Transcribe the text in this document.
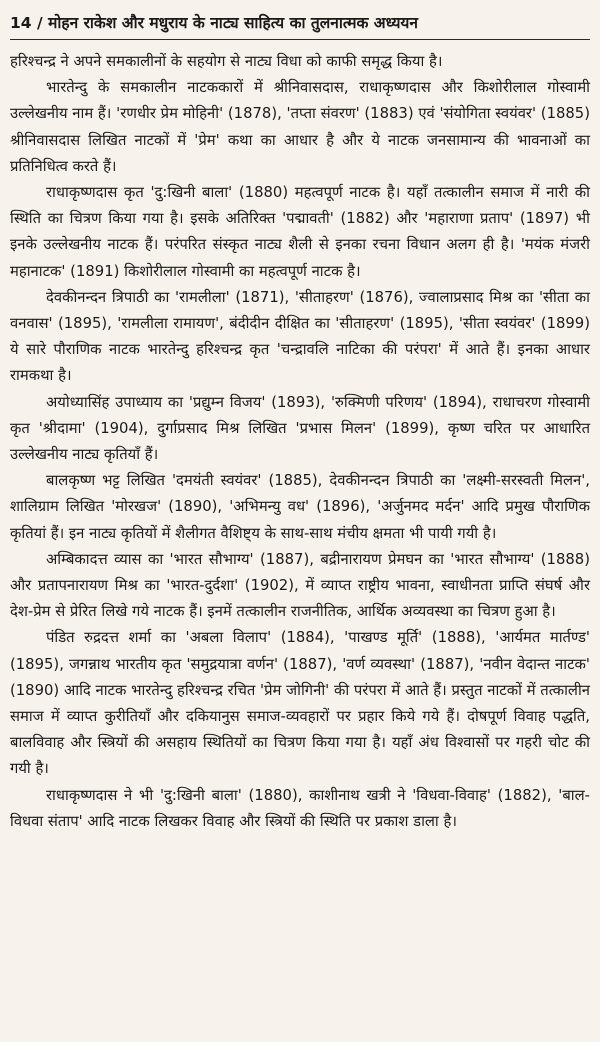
14 / मोहन राकेश और मधुराय के नाट्य साहित्य का तुलनात्मक अध्ययन

हरिश्चन्द्र ने अपने समकालीनों के सहयोग से नाट्य विधा को काफी समृद्ध किया है।

भारतेन्दु के समकालीन नाटककारों में श्रीनिवासदास, राधाकृष्णदास और किशोरीलाल गोस्वामी उल्लेखनीय नाम हैं। 'रणधीर प्रेम मोहिनी' (1878), 'तप्ता संवरण' (1883) एवं 'संयोगिता स्वयंवर' (1885) श्रीनिवासदास लिखित नाटकों में 'प्रेम' कथा का आधार है और ये नाटक जनसामान्य की भावनाओं का प्रतिनिधित्व करते हैं।

राधाकृष्णदास कृत 'दु:खिनी बाला' (1880) महत्वपूर्ण नाटक है। यहाँ तत्कालीन समाज में नारी की स्थिति का चित्रण किया गया है। इसके अतिरिक्त 'पद्मावती' (1882) और 'महाराणा प्रताप' (1897) भी इनके उल्लेखनीय नाटक हैं। परंपरित संस्कृत नाट्य शैली से इनका रचना विधान अलग ही है। 'मयंक मंजरी महानाटक' (1891) किशोरीलाल गोस्वामी का महत्वपूर्ण नाटक है।

देवकीनन्दन त्रिपाठी का 'रामलीला' (1871), 'सीताहरण' (1876), ज्वालाप्रसाद मिश्र का 'सीता का वनवास' (1895), 'रामलीला रामायण', बंदीदीन दीक्षित का 'सीताहरण' (1895), 'सीता स्वयंवर' (1899) ये सारे पौराणिक नाटक भारतेन्दु हरिश्चन्द्र कृत 'चन्द्रावलि नाटिका की परंपरा' में आते हैं। इनका आधार रामकथा है।

अयोध्यासिंह उपाध्याय का 'प्रद्युम्न विजय' (1893), 'रुक्मिणी परिणय' (1894), राधाचरण गोस्वामी कृत 'श्रीदामा' (1904), दुर्गाप्रसाद मिश्र लिखित 'प्रभास मिलन' (1899), कृष्ण चरित पर आधारित उल्लेखनीय नाट्य कृतियाँ हैं।

बालकृष्ण भट्ट लिखित 'दमयंती स्वयंवर' (1885), देवकीनन्दन त्रिपाठी का 'लक्ष्मी-सरस्वती मिलन', शालिग्राम लिखित 'मोरखज' (1890), 'अभिमन्यु वध' (1896), 'अर्जुनमद मर्दन' आदि प्रमुख पौराणिक कृतियां हैं। इन नाट्य कृतियों में शैलीगत वैशिष्ट्य के साथ-साथ मंचीय क्षमता भी पायी गयी है।

अम्बिकादत्त व्यास का 'भारत सौभाग्य' (1887), बद्रीनारायण प्रेमघन का 'भारत सौभाग्य' (1888) और प्रतापनारायण मिश्र का 'भारत-दुर्दशा' (1902), में व्याप्त राष्ट्रीय भावना, स्वाधीनता प्राप्ति संघर्ष और देश-प्रेम से प्रेरित लिखे गये नाटक हैं। इनमें तत्कालीन राजनीतिक, आर्थिक अव्यवस्था का चित्रण हुआ है।

पंडित रुद्रदत्त शर्मा का 'अबला विलाप' (1884), 'पाखण्ड मूर्ति' (1888), 'आर्यमत मार्तण्ड' (1895), जगन्नाथ भारतीय कृत 'समुद्रयात्रा वर्णन' (1887), 'वर्ण व्यवस्था' (1887), 'नवीन वेदान्त नाटक' (1890) आदि नाटक भारतेन्दु हरिश्चन्द्र रचित 'प्रेम जोगिनी' की परंपरा में आते हैं। प्रस्तुत नाटकों में तत्कालीन समाज में व्याप्त कुरीतियाँ और दकियानुस समाज-व्यवहारों पर प्रहार किये गये हैं। दोषपूर्ण विवाह पद्धति, बालविवाह और स्त्रियों की असहाय स्थितियों का चित्रण किया गया है। यहाँ अंध विश्वासों पर गहरी चोट की गयी है।

राधाकृष्णदास ने भी 'दु:खिनी बाला' (1880), काशीनाथ खत्री ने 'विधवा-विवाह' (1882), 'बाल-विधवा संताप' आदि नाटक लिखकर विवाह और स्त्रियों की स्थिति पर प्रकाश डाला है।
